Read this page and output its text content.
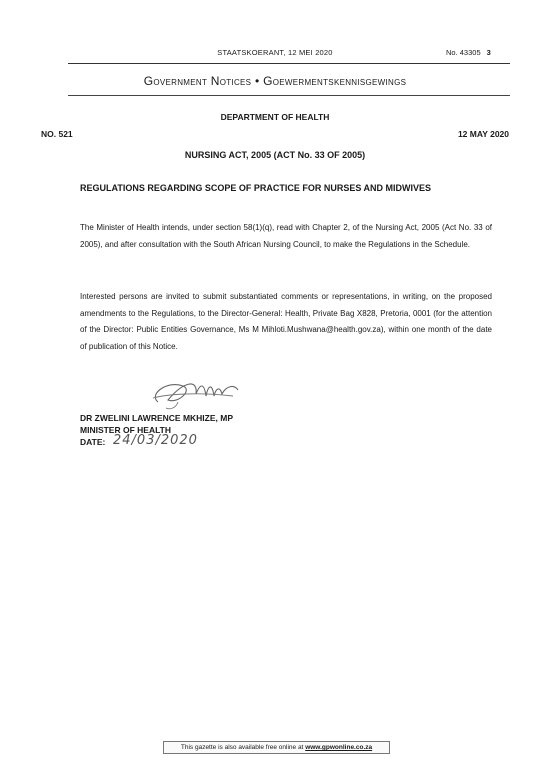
STAATSKOERANT, 12 MEI 2020	No. 43305 3
Government Notices • Goewermentskennisgewings
DEPARTMENT OF HEALTH
NO. 521	12 MAY 2020
NURSING ACT, 2005 (ACT No. 33 OF 2005)
REGULATIONS REGARDING SCOPE OF PRACTICE FOR NURSES AND MIDWIVES
The Minister of Health intends, under section 58(1)(q), read with Chapter 2, of the Nursing Act, 2005 (Act No. 33 of 2005), and after consultation with the South African Nursing Council, to make the Regulations in the Schedule.
Interested persons are invited to submit substantiated comments or representations, in writing, on the proposed amendments to the Regulations, to the Director-General: Health, Private Bag X828, Pretoria, 0001 (for the attention of the Director: Public Entities Governance, Ms M Mihloti.Mushwana@health.gov.za), within one month of the date of publication of this Notice.
DR ZWELINI LAWRENCE MKHIZE, MP
MINISTER OF HEALTH
DATE: 24/03/2020
This gazette is also available free online at www.gpwonline.co.za
